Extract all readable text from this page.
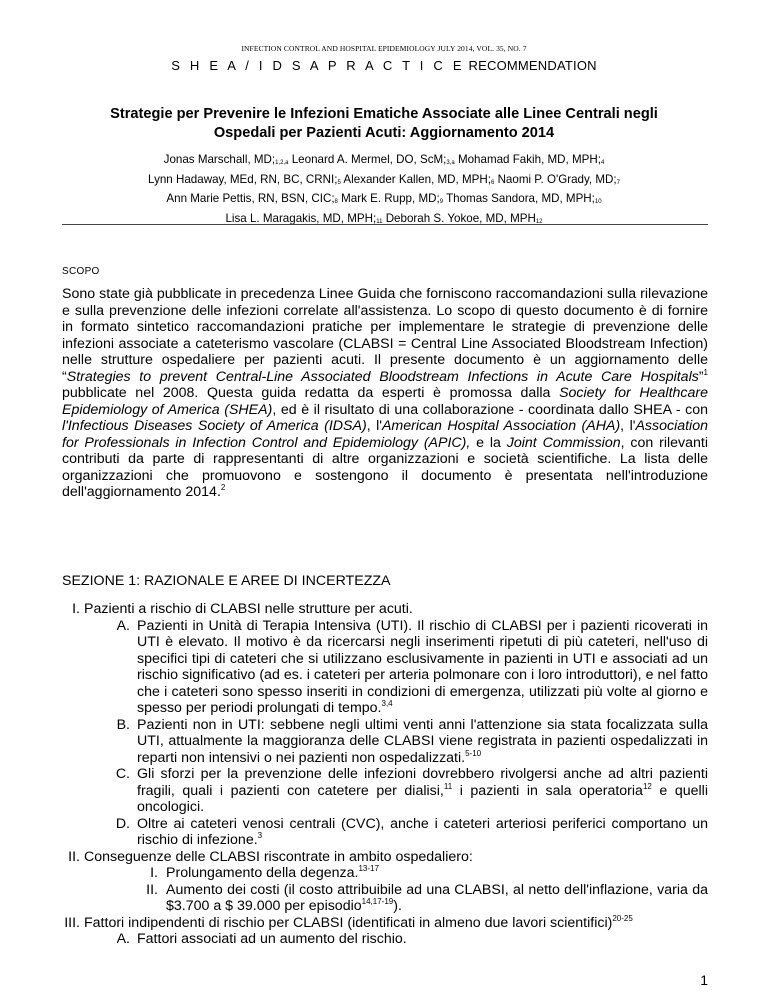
INFECTION CONTROL AND HOSPITAL EPIDEMIOLOGY JULY 2014, VOL. 35, NO. 7
S H E A / I D S A P R A C T I C E RECOMMENDATION
Strategie per Prevenire le Infezioni Ematiche Associate alle Linee Centrali negli
Ospedali per Pazienti Acuti: Aggiornamento 2014
Jonas Marschall, $MD;_{1,2,a}$ Leonard A. Mermel, DO, $ScM;_{3,a}$ Mohamad Fakih, MD, $MPH;_4$
Lynn Hadaway, MEd, RN, BC, $CRNI;_5$ Alexander Kallen, MD, $MPH;_6$ Naomi P. O'Grady, $MD;_7$
Ann Marie Pettis, RN, BSN, $CIC;_8$ Mark E. Rupp, $MD;_9$ Thomas Sandora, MD, $MPH;_{10}$
Lisa L. Maragakis, MD, $MPH;_{11}$ Deborah S. Yokoe, MD, $MPH_{12}$
SCOPO
Sono state già pubblicate in precedenza Linee Guida che forniscono raccomandazioni sulla rilevazione e sulla prevenzione delle infezioni correlate all'assistenza. Lo scopo di questo documento è di fornire in formato sintetico raccomandazioni pratiche per implementare le strategie di prevenzione delle infezioni associate a cateterismo vascolare (CLABSI = Central Line Associated Bloodstream Infection) nelle strutture ospedaliere per pazienti acuti. Il presente documento è un aggiornamento delle “Strategies to prevent Central-Line Associated Bloodstream Infections in Acute Care Hospitals”$^1$ pubblicate nel 2008. Questa guida redatta da esperti è promossa dalla Society for Healthcare Epidemiology of America (SHEA), ed è il risultato di una collaborazione - coordinata dallo SHEA - con l'Infectious Diseases Society of America (IDSA), l'American Hospital Association (AHA), l'Association for Professionals in Infection Control and Epidemiology (APIC), e la Joint Commission, con rilevanti contributi da parte di rappresentanti di altre organizzazioni e società scientifiche. La lista delle organizzazioni che promuovono e sostengono il documento è presentata nell'introduzione dell'aggiornamento 2014.$^2$
SEZIONE 1: RAZIONALE E AREE DI INCERTEZZA
I. Pazienti a rischio di CLABSI nelle strutture per acuti.
A. Pazienti in Unità di Terapia Intensiva (UTI). Il rischio di CLABSI per i pazienti ricoverati in UTI è elevato. Il motivo è da ricercarsi negli inserimenti ripetuti di più cateteri, nell'uso di specifici tipi di cateteri che si utilizzano esclusivamente in pazienti in UTI e associati ad un rischio significativo (ad es. i cateteri per arteria polmonare con i loro introduttori), e nel fatto che i cateteri sono spesso inseriti in condizioni di emergenza, utilizzati più volte al giorno e spesso per periodi prolungati di tempo.$^{3,4}$
B. Pazienti non in UTI: sebbene negli ultimi venti anni l'attenzione sia stata focalizzata sulla UTI, attualmente la maggioranza delle CLABSI viene registrata in pazienti ospedalizzati in reparti non intensivi o nei pazienti non ospedalizzati.$^{5-10}$
C. Gli sforzi per la prevenzione delle infezioni dovrebbero rivolgersi anche ad altri pazienti fragili, quali i pazienti con catetere per dialisi,$^{11}$ i pazienti in sala operatoria$^{12}$ e quelli oncologici.
D. Oltre ai cateteri venosi centrali (CVC), anche i cateteri arteriosi periferici comportano un rischio di infezione.$^3$
II. Conseguenze delle CLABSI riscontrate in ambito ospedaliero:
I. Prolungamento della degenza.$^{13-17}$
II. Aumento dei costi (il costo attribuibile ad una CLABSI, al netto dell'inflazione, varia da $3.700 a $ 39.000 per episodio$^{14,17-19}$).
III. Fattori indipendenti di rischio per CLABSI (identificati in almeno due lavori scientifici)$^{20-25}$
A. Fattori associati ad un aumento del rischio.
1
